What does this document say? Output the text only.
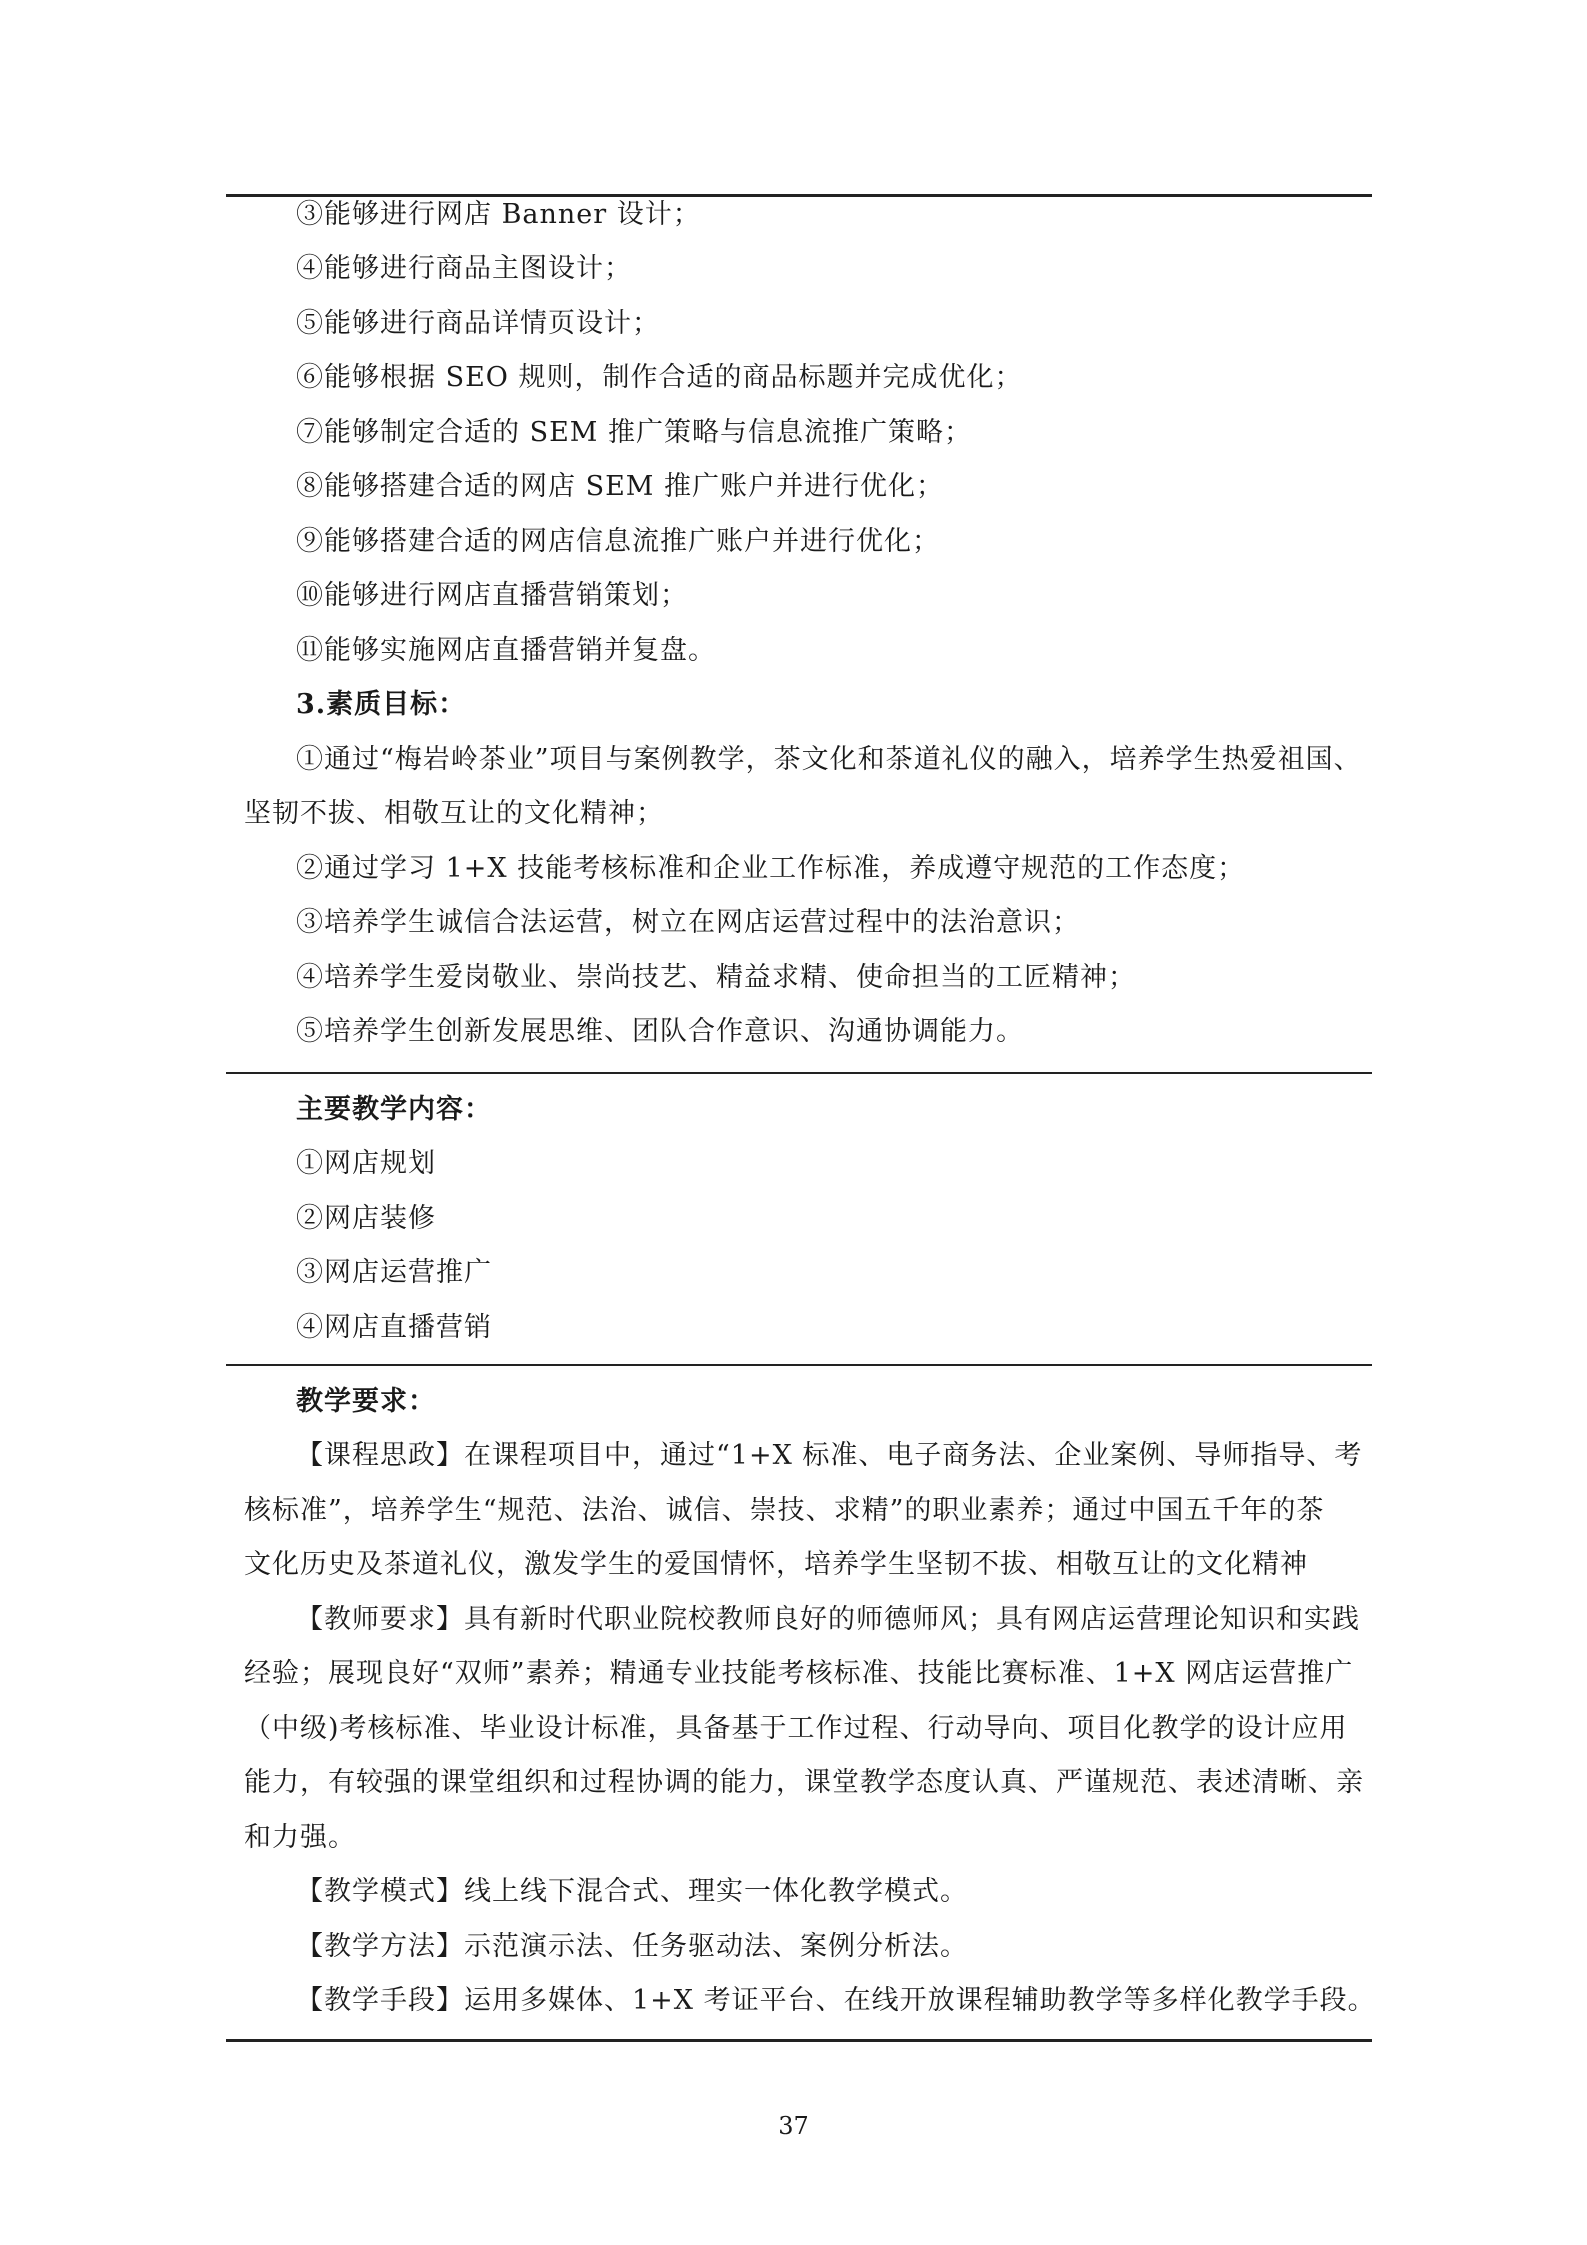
③能够进行网店 Banner 设计；
④能够进行商品主图设计；
⑤能够进行商品详情页设计；
⑥能够根据 SEO 规则，制作合适的商品标题并完成优化；
⑦能够制定合适的 SEM 推广策略与信息流推广策略；
⑧能够搭建合适的网店 SEM 推广账户并进行优化；
⑨能够搭建合适的网店信息流推广账户并进行优化；
⑩能够进行网店直播营销策划；
⑪能够实施网店直播营销并复盘。
3.素质目标：
①通过“梅岩岭茶业”项目与案例教学，茶文化和茶道礼仪的融入，培养学生热爱祖国、
坚韧不拔、相敬互让的文化精神；
②通过学习 1+X 技能考核标准和企业工作标准，养成遵守规范的工作态度；
③培养学生诚信合法运营，树立在网店运营过程中的法治意识；
④培养学生爱岗敬业、崇尚技艺、精益求精、使命担当的工匠精神；
⑤培养学生创新发展思维、团队合作意识、沟通协调能力。
主要教学内容：
①网店规划
②网店装修
③网店运营推广
④网店直播营销
教学要求：
【课程思政】在课程项目中，通过“1+X 标准、电子商务法、企业案例、导师指导、考
核标准”，培养学生“规范、法治、诚信、崇技、求精”的职业素养；通过中国五千年的茶
文化历史及茶道礼仪，激发学生的爱国情怀，培养学生坚韧不拔、相敬互让的文化精神
【教师要求】具有新时代职业院校教师良好的师德师风；具有网店运营理论知识和实践
经验；展现良好“双师”素养；精通专业技能考核标准、技能比赛标准、1+X 网店运营推广
（中级)考核标准、毕业设计标准，具备基于工作过程、行动导向、项目化教学的设计应用
能力，有较强的课堂组织和过程协调的能力，课堂教学态度认真、严谨规范、表述清晰、亲
和力强。
【教学模式】线上线下混合式、理实一体化教学模式。
【教学方法】示范演示法、任务驱动法、案例分析法。
【教学手段】运用多媒体、1+X 考证平台、在线开放课程辅助教学等多样化教学手段。
37
